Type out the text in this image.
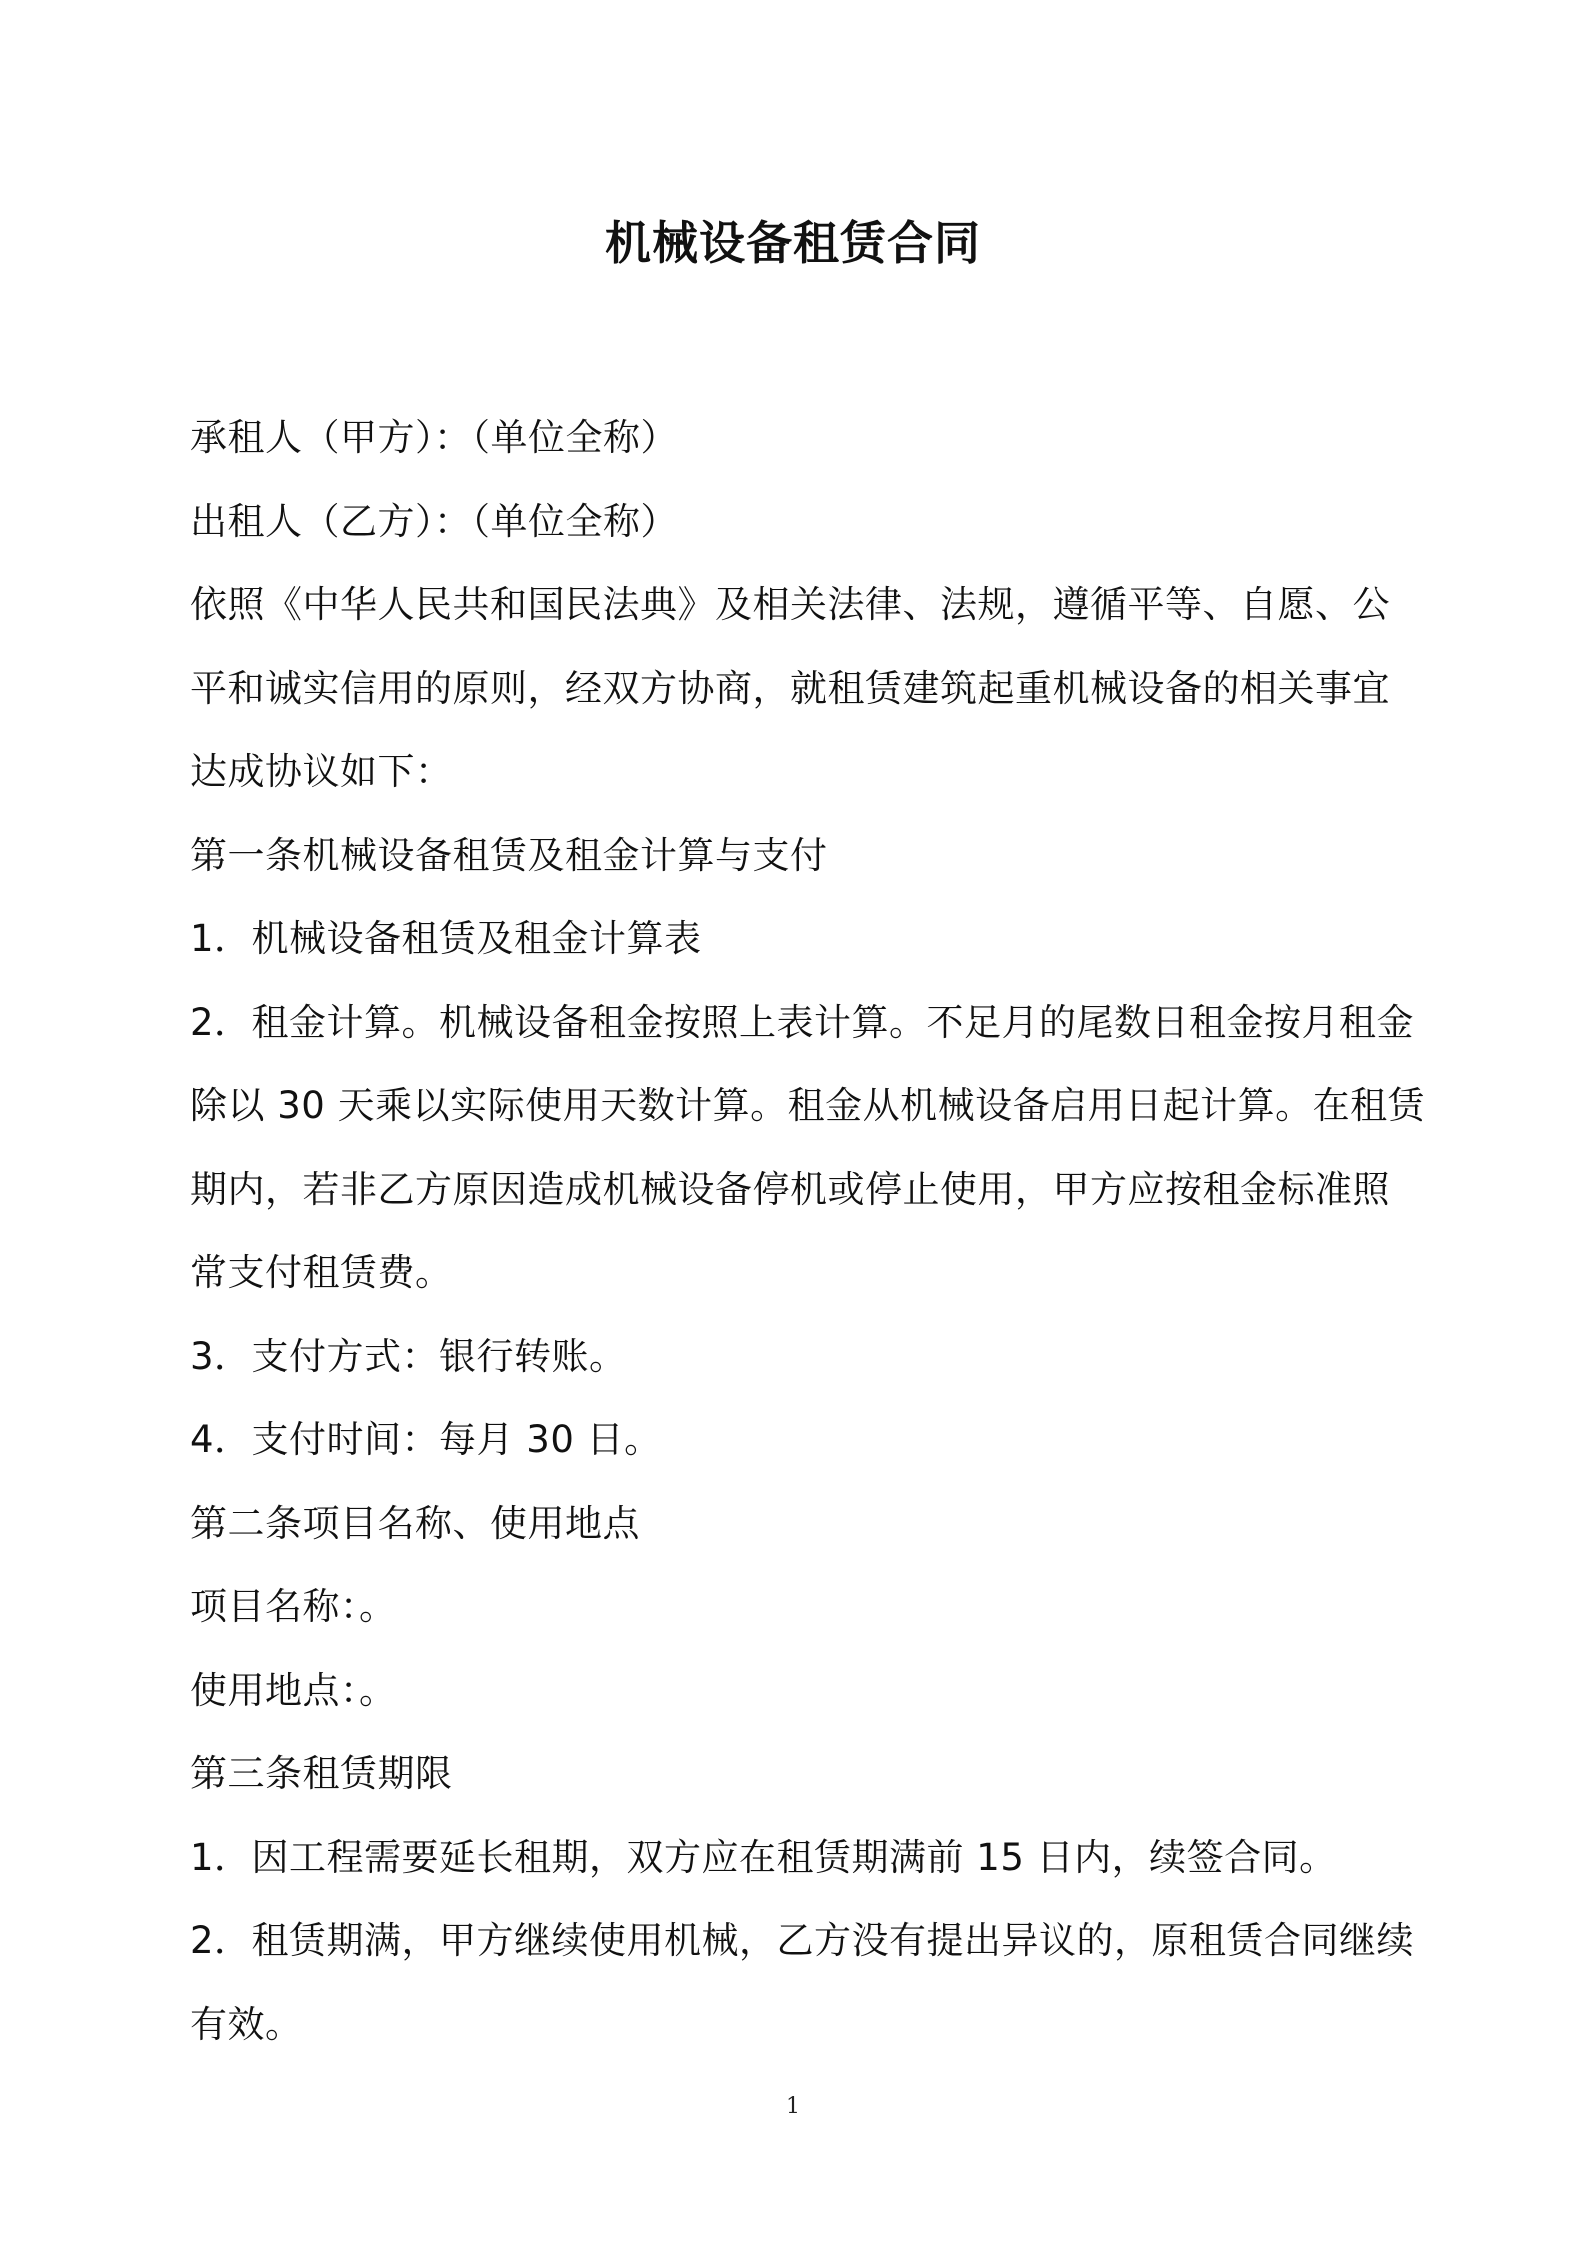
机械设备租赁合同
承租人（甲方）：（单位全称）
出租人（乙方）：（单位全称）
依照《中华人民共和国民法典》及相关法律、法规，遵循平等、自愿、公
平和诚实信用的原则，经双方协商，就租赁建筑起重机械设备的相关事宜
达成协议如下：
第一条机械设备租赁及租金计算与支付
1．机械设备租赁及租金计算表
2．租金计算。机械设备租金按照上表计算。不足月的尾数日租金按月租金
除以 30 天乘以实际使用天数计算。租金从机械设备启用日起计算。在租赁
期内，若非乙方原因造成机械设备停机或停止使用，甲方应按租金标准照
常支付租赁费。
3．支付方式：银行转账。
4．支付时间：每月 30 日。
第二条项目名称、使用地点
项目名称：。
使用地点：。
第三条租赁期限
1．因工程需要延长租期，双方应在租赁期满前 15 日内，续签合同。
2．租赁期满，甲方继续使用机械，乙方没有提出异议的，原租赁合同继续
有效。
1
